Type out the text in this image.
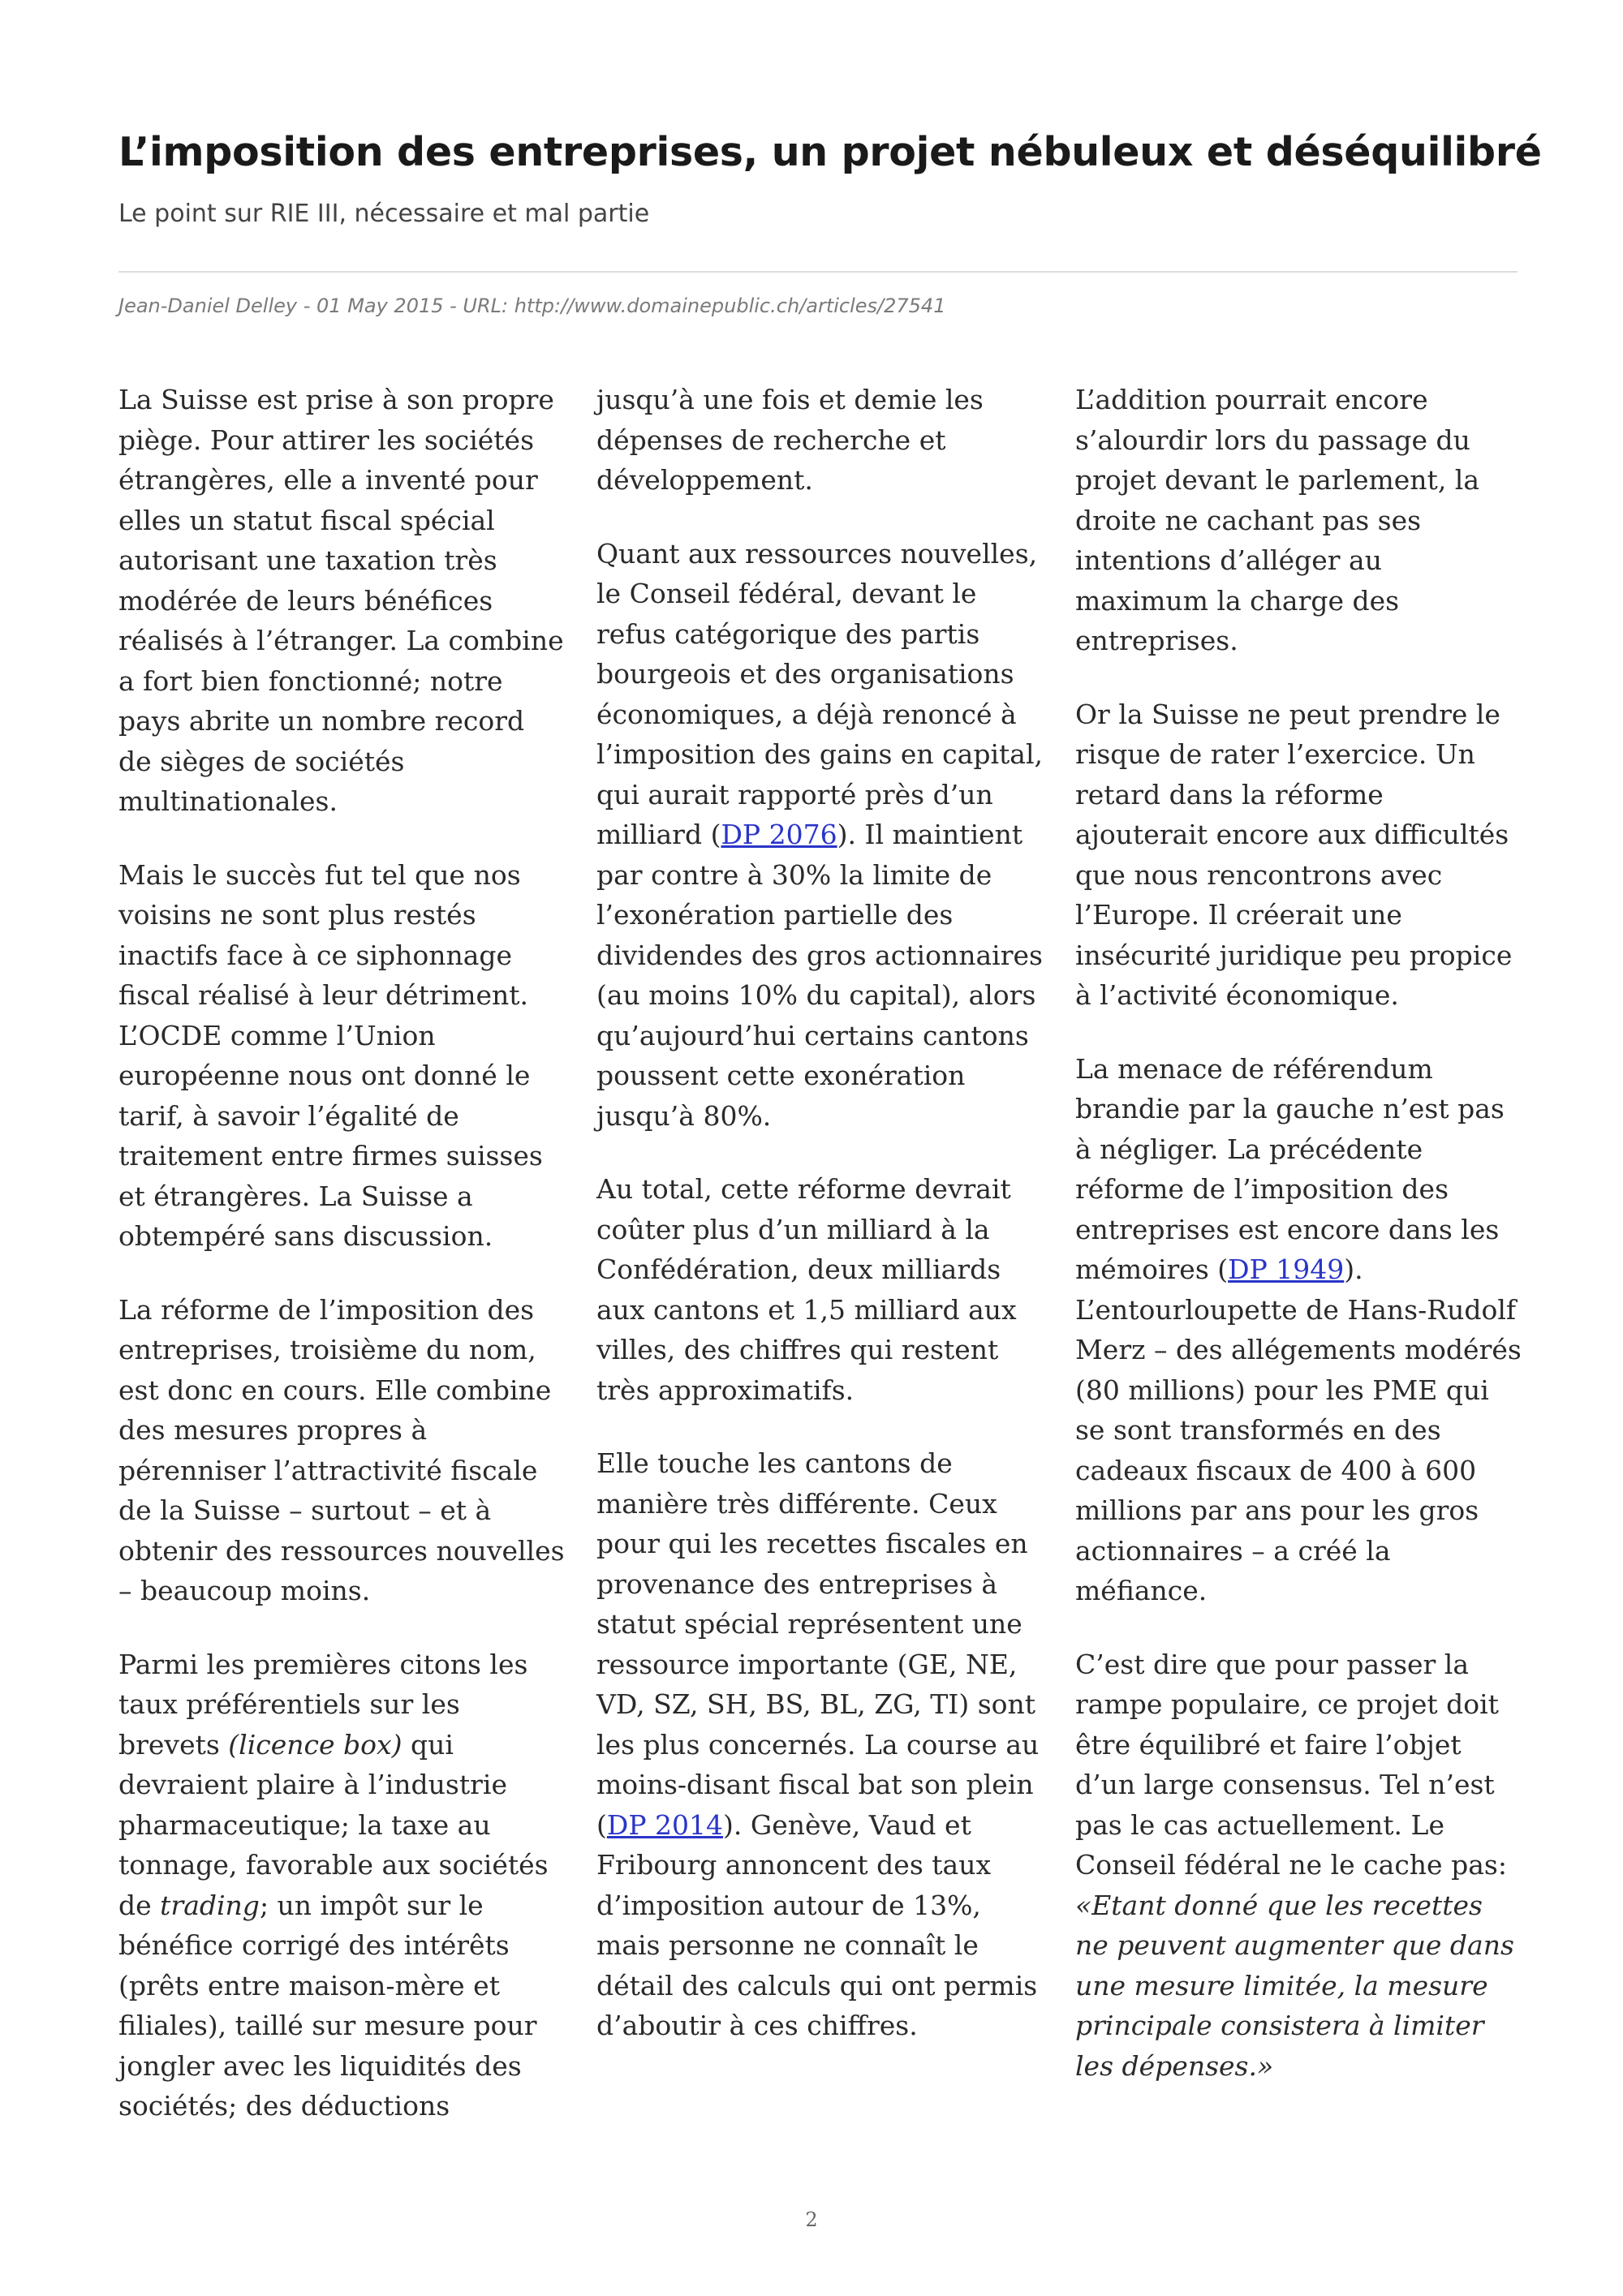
L’imposition des entreprises, un projet nébuleux et déséquilibré

Le point sur RIE III, nécessaire et mal partie

Jean-Daniel Delley - 01 May 2015 - URL: http://www.domainepublic.ch/articles/27541

La Suisse est prise à son propre piège. Pour attirer les sociétés étrangères, elle a inventé pour elles un statut fiscal spécial autorisant une taxation très modérée de leurs bénéfices réalisés à l’étranger. La combine a fort bien fonctionné; notre pays abrite un nombre record de sièges de sociétés multinationales.

Mais le succès fut tel que nos voisins ne sont plus restés inactifs face à ce siphonnage fiscal réalisé à leur détriment. L’OCDE comme l’Union européenne nous ont donné le tarif, à savoir l’égalité de traitement entre firmes suisses et étrangères. La Suisse a obtempéré sans discussion.

La réforme de l’imposition des entreprises, troisième du nom, est donc en cours. Elle combine des mesures propres à pérenniser l’attractivité fiscale de la Suisse – surtout – et à obtenir des ressources nouvelles – beaucoup moins.

Parmi les premières citons les taux préférentiels sur les brevets (licence box) qui devraient plaire à l’industrie pharmaceutique; la taxe au tonnage, favorable aux sociétés de trading; un impôt sur le bénéfice corrigé des intérêts (prêts entre maison-mère et filiales), taillé sur mesure pour jongler avec les liquidités des sociétés; des déductions

jusqu’à une fois et demie les dépenses de recherche et développement.

Quant aux ressources nouvelles, le Conseil fédéral, devant le refus catégorique des partis bourgeois et des organisations économiques, a déjà renoncé à l’imposition des gains en capital, qui aurait rapporté près d’un milliard (DP 2076). Il maintient par contre à 30% la limite de l’exonération partielle des dividendes des gros actionnaires (au moins 10% du capital), alors qu’aujourd’hui certains cantons poussent cette exonération jusqu’à 80%.

Au total, cette réforme devrait coûter plus d’un milliard à la Confédération, deux milliards aux cantons et 1,5 milliard aux villes, des chiffres qui restent très approximatifs.

Elle touche les cantons de manière très différente. Ceux pour qui les recettes fiscales en provenance des entreprises à statut spécial représentent une ressource importante (GE, NE, VD, SZ, SH, BS, BL, ZG, TI) sont les plus concernés. La course au moins-disant fiscal bat son plein (DP 2014). Genève, Vaud et Fribourg annoncent des taux d’imposition autour de 13%, mais personne ne connaît le détail des calculs qui ont permis d’aboutir à ces chiffres.

L’addition pourrait encore s’alourdir lors du passage du projet devant le parlement, la droite ne cachant pas ses intentions d’alléger au maximum la charge des entreprises.

Or la Suisse ne peut prendre le risque de rater l’exercice. Un retard dans la réforme ajouterait encore aux difficultés que nous rencontrons avec l’Europe. Il créerait une insécurité juridique peu propice à l’activité économique.

La menace de référendum brandie par la gauche n’est pas à négliger. La précédente réforme de l’imposition des entreprises est encore dans les mémoires (DP 1949). L’entourloupette de Hans-Rudolf Merz – des allégements modérés (80 millions) pour les PME qui se sont transformés en des cadeaux fiscaux de 400 à 600 millions par ans pour les gros actionnaires – a créé la méfiance.

C’est dire que pour passer la rampe populaire, ce projet doit être équilibré et faire l’objet d’un large consensus. Tel n’est pas le cas actuellement. Le Conseil fédéral ne le cache pas: «Etant donné que les recettes ne peuvent augmenter que dans une mesure limitée, la mesure principale consistera à limiter les dépenses.»

2
